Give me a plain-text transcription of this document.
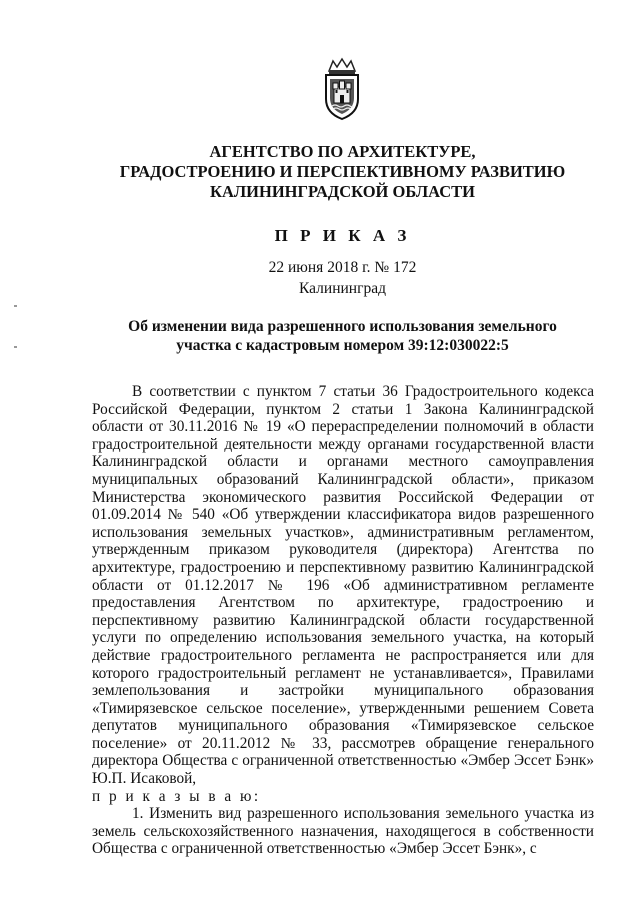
АГЕНТСТВО ПО АРХИТЕКТУРЕ,
ГРАДОСТРОЕНИЮ И ПЕРСПЕКТИВНОМУ РАЗВИТИЮ
КАЛИНИНГРАДСКОЙ ОБЛАСТИ
П Р И К А З
22 июня 2018 г. № 172
Калининград
Об изменении вида разрешенного использования земельного
участка с кадастровым номером 39:12:030022:5

В соответствии с пунктом 7 статьи 36 Градостроительного кодекса Российской Федерации, пунктом 2 статьи 1 Закона Калининградской области от 30.11.2016 № 19 «О перераспределении полномочий в области градостроительной деятельности между органами государственной власти Калининградской области и органами местного самоуправления муниципальных образований Калининградской области», приказом Министерства экономического развития Российской Федерации от 01.09.2014 № 540 «Об утверждении классификатора видов разрешенного использования земельных участков», административным регламентом, утвержденным приказом руководителя (директора) Агентства по архитектуре, градостроению и перспективному развитию Калининградской области от 01.12.2017 № 196 «Об административном регламенте предоставления Агентством по архитектуре, градостроению и перспективному развитию Калининградской области государственной услуги по определению использования земельного участка, на который действие градостроительного регламента не распространяется или для которого градостроительный регламент не устанавливается», Правилами землепользования и застройки муниципального образования «Тимирязевское сельское поселение», утвержденными решением Совета депутатов муниципального образования «Тимирязевское сельское поселение» от 20.11.2012 № 33, рассмотрев обращение генерального директора Общества с ограниченной ответственностью «Эмбер Эссет Бэнк» Ю.П. Исаковой,

п р и к а з ы в а ю:

1. Изменить вид разрешенного использования земельного участка из земель сельскохозяйственного назначения, находящегося в собственности Общества с ограниченной ответственностью «Эмбер Эссет Бэнк», с
